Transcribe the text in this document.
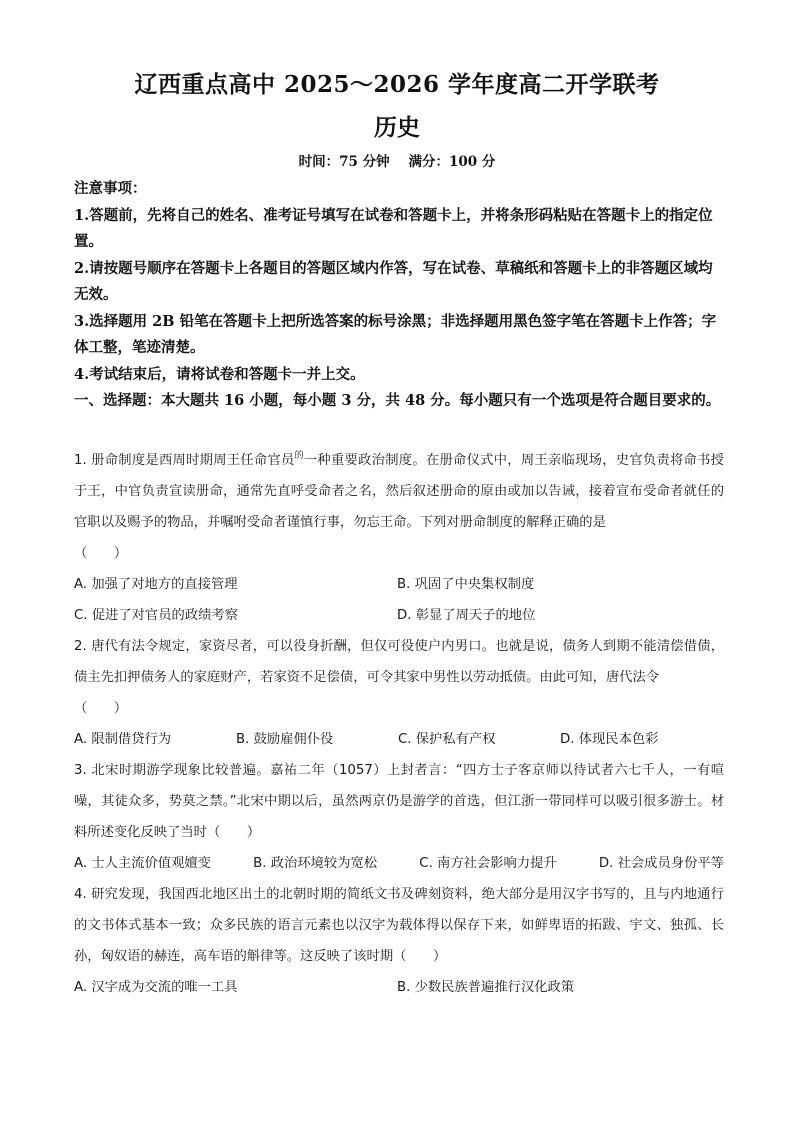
辽西重点高中 2025～2026 学年度高二开学联考
历史
时间：75 分钟    满分：100 分

注意事项：

1.答题前，先将自己的姓名、准考证号填写在试卷和答题卡上，并将条形码粘贴在答题卡上的指定位置。

2.请按题号顺序在答题卡上各题目的答题区域内作答，写在试卷、草稿纸和答题卡上的非答题区域均无效。

3.选择题用 2B 铅笔在答题卡上把所选答案的标号涂黑；非选择题用黑色签字笔在答题卡上作答；字体工整，笔迹清楚。

4.考试结束后，请将试卷和答题卡一并上交。

一、选择题：本大题共 16 小题，每小题 3 分，共 48 分。每小题只有一个选项是符合题目要求的。

1. 册命制度是西周时期周王任命官员$^的$一种重要政治制度。在册命仪式中，周王亲临现场，史官负责将命书授于王，中官负责宣读册命，通常先直呼受命者之名，然后叙述册命的原由或加以告诫，接着宣布受命者就任的官职以及赐予的物品，并嘱咐受命者谨慎行事，勿忘王命。下列对册命制度的解释正确的是

（　　）

A. 加强了对地方的直接管理	B. 巩固了中央集权制度
C. 促进了对官员的政绩考察	D. 彰显了周天子的地位

2. 唐代有法令规定，家资尽者，可以役身折酬，但仅可役使户内男口。也就是说，债务人到期不能清偿借债，债主先扣押债务人的家庭财产，若家资不足偿债，可令其家中男性以劳动抵债。由此可知，唐代法令

（　　）

A. 限制借贷行为	B. 鼓励雇佣仆役	C. 保护私有产权	D. 体现民本色彩

3. 北宋时期游学现象比较普遍。嘉祐二年（1057）上封者言：“四方士子客京师以待试者六七千人，一有喧噪，其徒众多，势莫之禁。”北宋中期以后，虽然两京仍是游学的首选，但江浙一带同样可以吸引很多游士。材料所述变化反映了当时（　　）

A. 士人主流价值观嬗变	B. 政治环境较为宽松	C. 南方社会影响力提升	D. 社会成员身份平等

4. 研究发现，我国西北地区出土的北朝时期的简纸文书及碑刻资料，绝大部分是用汉字书写的，且与内地通行的文书体式基本一致；众多民族的语言元素也以汉字为载体得以保存下来，如鲜卑语的拓跋、宇文、独孤、长孙，匈奴语的赫连，高车语的斛律等。这反映了该时期（　　）

A. 汉字成为交流的唯一工具	B. 少数民族普遍推行汉化政策
